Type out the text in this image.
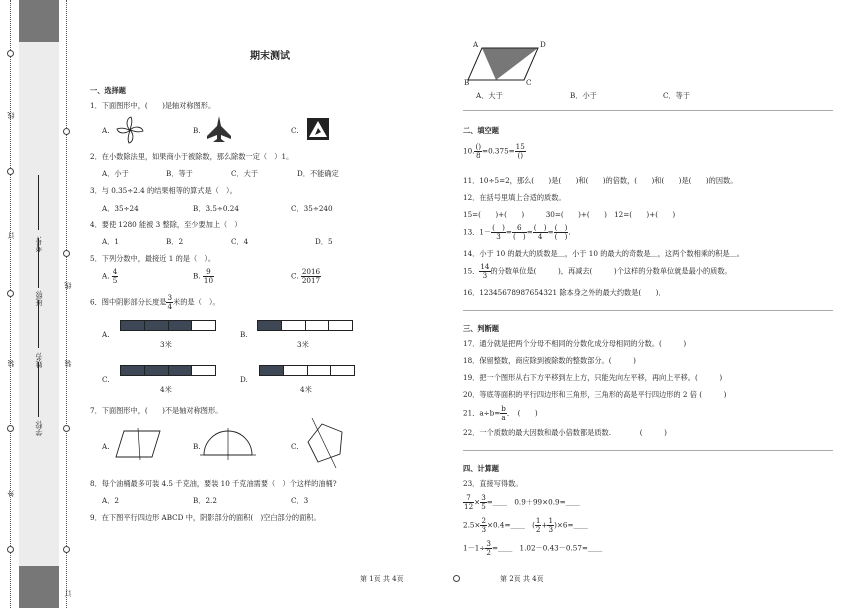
线
订
装
外
线
装
订
学校:
姓名:
班级:
考号:
期末测试
一、选择题
1．下面图形中，(　　)是轴对称图形。
A.	B.	C.
2．在小数除法里，如果商小于被除数，那么除数一定（　）1。
A．小于	B．等于	C．大于	D．不能确定
3．与 0.35÷2.4 的结果相等的算式是（　）。
A．35÷24	B．3.5÷0.24	C．35÷240
4．要使 1280 能被 3 整除，至少要加上（　）
A．1	B．2	C．4	D．5
5．下列分数中，最接近 1 的是（　）。
A. $\frac{4}{5}$	B. $\frac{9}{10}$	C. $\frac{2016}{2017}$
6．图中阴影部分长度是 $\frac{3}{4}$ 米的是（　）。
A.
3米
B.
3米
C.
4米
D.
4米
7．下面图形中，(　　)不是轴对称图形。
A.	B.	C.
8．每个油桶最多可装 4.5 千克油，要装 10 千克油需要（　）个这样的油桶?
A．2	B．2.2	C．3
9．在下图平行四边形 ABCD 中，阴影部分的面积(　)空白部分的面积。
第 1页 共 4页
A	D
B	C
A．大于	B．小于	C．等于
二、填空题
10. $\frac{()}{8} =0.375= \frac{15}{()}$
11．10÷5=2，那么(　　)是(　　)和(　　)的倍数，(　　)和(　　)是(　　)的因数。
12．在括号里填上合适的质数。
15=(　　)+(　　)　　　30=(　　)+(　　)　12=(　　)+(　　)
13．$1- \frac{( )}{3} = \frac{6}{( )} = \frac{( )}{4} = \frac{( )}{( )}$ .
14．小于 10 的最大的质数是＿，小于 10 的最大的奇数是＿，这两个数相乘的积是＿。
15． $\frac{14}{3}$ 的分数单位是(　　　)，再减去(　　　)个这样的分数单位就是最小的质数。
16．12345678987654321 除本身之外的最大约数是(　　)．
三、判断题
17．通分就是把两个分母不相同的分数化成分母相同的分数。(　　　)
18．保留整数，商应除到被除数的整数部分。(　　　)
19．把一个图形从右下方平移到左上方，只能先向左平移，再向上平移。(　　　)
20．等底等面积的平行四边形和三角形，三角形的高是平行四边形的 2 倍 (　　　)
21．$a\div b= \frac{b}{a}$ ．　(　　)
22．一个质数的最大因数和最小倍数都是质数.　　　　(　　　)
四、计算题
23．直接写得数。
$\frac{7}{12} \times \frac{3}{5}$ =＿＿　0.9＋99×0.9=＿＿
$2.5\times \frac{2}{3}$ ×0.4=＿＿　( $\frac{1}{2} + \frac{1}{3}$ )×6=＿＿
$1-1\div \frac{3}{2}$ =＿＿　1.02－0.43－0.57=＿＿
第 2页 共 4页
